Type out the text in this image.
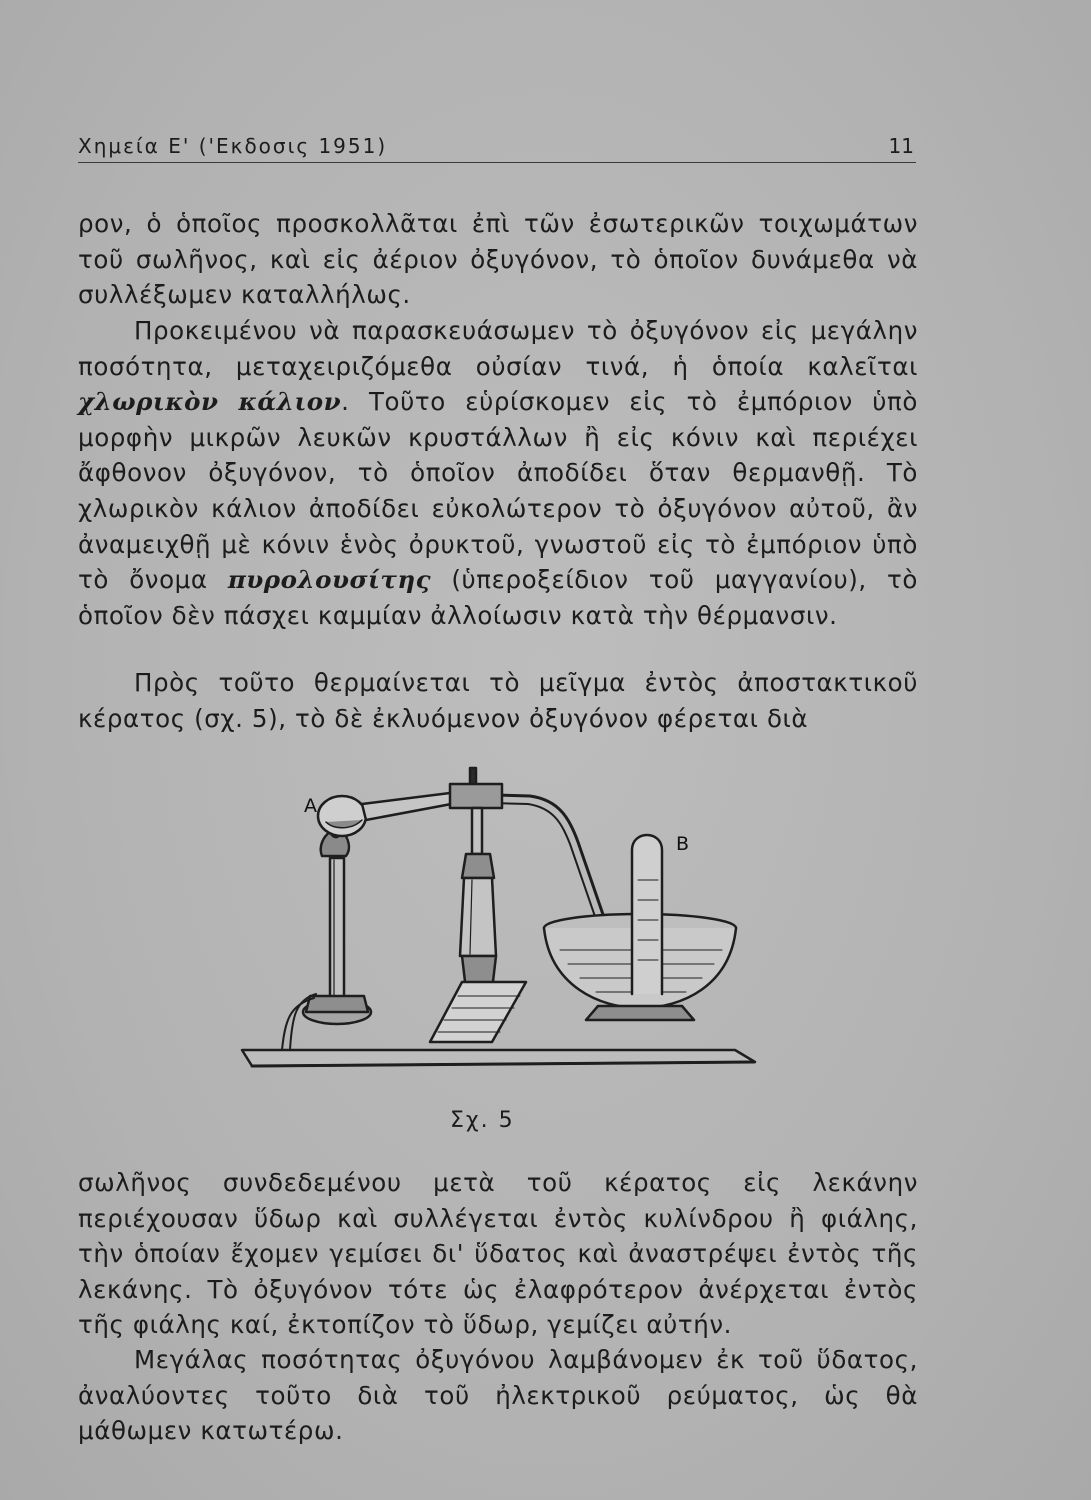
Χημεία Ε' ('Εκδοσις 1951)	11

ρον, ὁ ὁποῖος προσκολλᾶται ἐπὶ τῶν ἐσωτερικῶν τοιχωμάτων τοῦ σωλῆνος, καὶ εἰς ἀέριον ὀξυγόνον, τὸ ὁποῖον δυνάμεθα νὰ συλλέξωμεν καταλλήλως.

Προκειμένου νὰ παρασκευάσωμεν τὸ ὀξυγόνον εἰς μεγάλην ποσότητα, μεταχειριζόμεθα οὐσίαν τινά, ἡ ὁποία καλεῖται χλωρικὸν κάλιον. Τοῦτο εὑρίσκομεν εἰς τὸ ἐμπόριον ὑπὸ μορφὴν μικρῶν λευκῶν κρυστάλλων ἢ εἰς κόνιν καὶ περιέχει ἄφθονον ὀξυγόνον, τὸ ὁποῖον ἀποδίδει ὅταν θερμανθῇ. Τὸ χλωρικὸν κάλιον ἀποδίδει εὐκολώτερον τὸ ὀξυγόνον αὐτοῦ, ἂν ἀναμειχθῇ μὲ κόνιν ἑνὸς ὀρυκτοῦ, γνωστοῦ εἰς τὸ ἐμπόριον ὑπὸ τὸ ὄνομα πυρολουσίτης (ὑπεροξείδιον τοῦ μαγγανίου), τὸ ὁποῖον δὲν πάσχει καμμίαν ἀλλοίωσιν κατὰ τὴν θέρμανσιν.

Πρὸς τοῦτο θερμαίνεται τὸ μεῖγμα ἐντὸς ἀποστακτικοῦ κέρατος (σχ. 5), τὸ δὲ ἐκλυόμενον ὀξυγόνον φέρεται διὰ

A
B
Σχ. 5

σωλῆνος συνδεδεμένου μετὰ τοῦ κέρατος εἰς λεκάνην περιέχουσαν ὕδωρ καὶ συλλέγεται ἐντὸς κυλίνδρου ἢ φιάλης, τὴν ὁποίαν ἔχομεν γεμίσει δι' ὕδατος καὶ ἀναστρέψει ἐντὸς τῆς λεκάνης. Τὸ ὀξυγόνον τότε ὡς ἐλαφρότερον ἀνέρχεται ἐντὸς τῆς φιάλης καί, ἐκτοπίζον τὸ ὕδωρ, γεμίζει αὐτήν.

Μεγάλας ποσότητας ὀξυγόνου λαμβάνομεν ἐκ τοῦ ὕδατος, ἀναλύοντες τοῦτο διὰ τοῦ ἠλεκτρικοῦ ρεύματος, ὡς θὰ μάθωμεν κατωτέρω.
